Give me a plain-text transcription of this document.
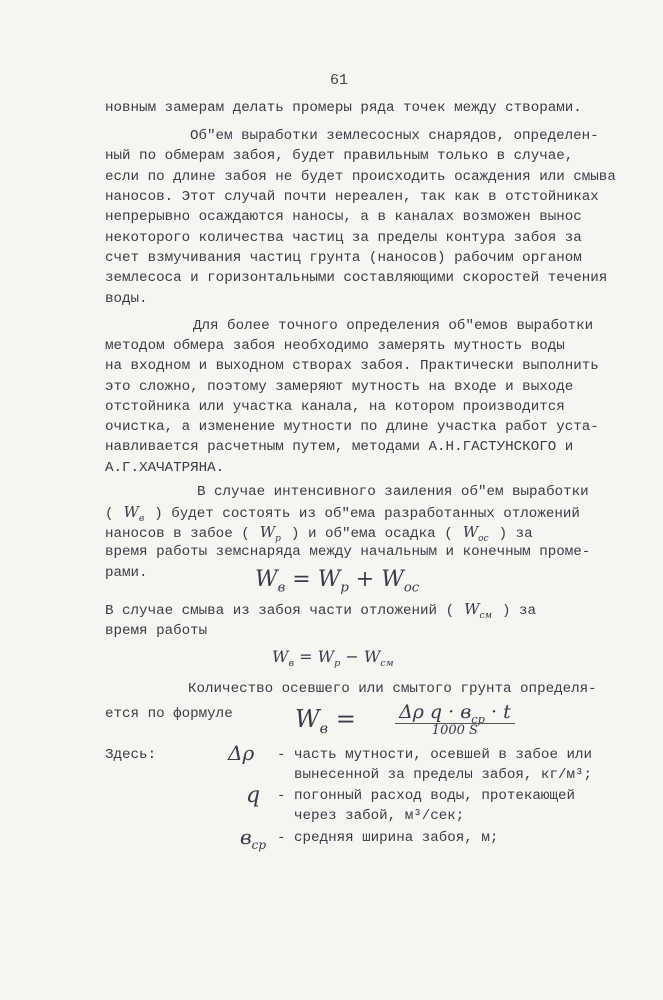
61
новным замерам делать промеры ряда точек между створами.
Об"ем выработки землесосных снарядов, определен-
ный по обмерам забоя, будет правильным только в случае,
если по длине забоя не будет происходить осаждения или смыва
наносов. Этот случай почти нереален, так как в отстойниках
непрерывно осаждаются наносы, а в каналах возможен вынос
некоторого количества частиц за пределы контура забоя за
счет взмучивания частиц грунта (наносов) рабочим органом
землесоса и горизонтальными составляющими скоростей течения
воды.
Для более точного определения об"емов выработки
методом обмера забоя необходимо замерять мутность воды
на входном и выходном створах забоя. Практически выполнить
это сложно, поэтому замеряют мутность на входе и выходе
отстойника или участка канала, на котором производится
очистка, а изменение мутности по длине участка работ уста-
навливается расчетным путем, методами А.Н.ГАСТУНСКОГО и
А.Г.ХАЧАТРЯНА.
В случае интенсивного заиления об"ем выработки
( $W_в$ ) будет состоять из об"ема разработанных отложений
наносов в забое ( $W_р$ ) и об"ема осадка ( $W_{ос}$ ) за
время работы земснаряда между начальным и конечным проме-
рами.	$W_в = W_р + W_{ос}$
В случае смыва из забоя части отложений ( $W_{см}$ ) за
время работы
$W_в = W_р - W_{см}$
Количество осевшего или смытого грунта определя-
ется по формуле	$W_в = \Delta\rho$ $q \cdot в_{ср} \cdot t$
1000 S
Здесь:	Δρ - часть мутности, осевшей в забое или
вынесенной за пределы забоя, кг/м³;
q - погонный расход воды, протекающей
через забой, м³/сек;
$в_{ср}$ - средняя ширина забоя, м;
